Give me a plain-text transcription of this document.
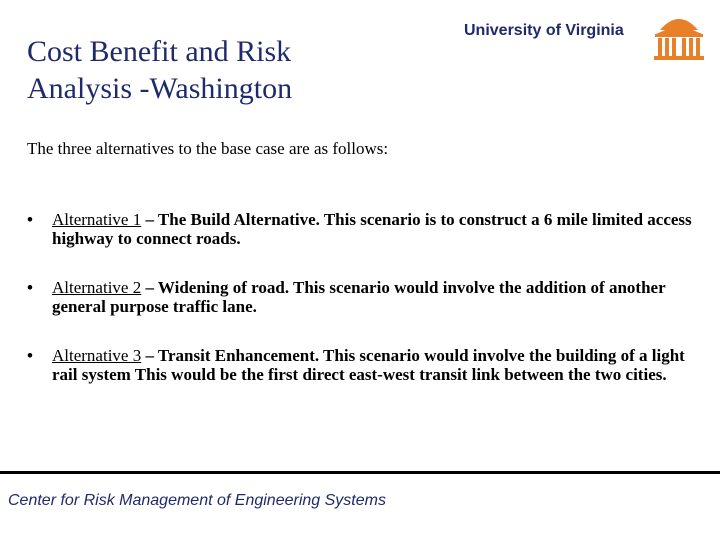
Cost Benefit and Risk
Analysis -Washington
University of Virginia

The three alternatives to the base case are as follows:

• Alternative 1 – The Build Alternative. This scenario is to construct a 6 mile limited access highway to connect roads.
• Alternative 2 – Widening of road. This scenario would involve the addition of another general purpose traffic lane.
• Alternative 3 – Transit Enhancement. This scenario would involve the building of a light rail system This would be the first direct east-west transit link between the two cities.
Center for Risk Management of Engineering Systems
